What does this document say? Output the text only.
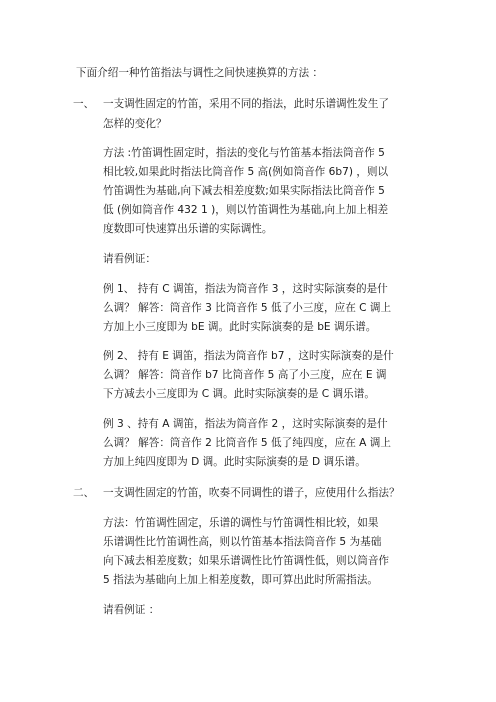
下面介绍一种竹笛指法与调性之间快速换算的方法 ：
一、 一支调性固定的竹笛，采用不同的指法，此时乐谱调性发生了
怎样的变化？
方法 :竹笛调性固定时，指法的变化与竹笛基本指法筒音作 5
相比较,如果此时指法比筒音作 5 高(例如筒音作 6b7) ，则以
竹笛调性为基础,向下减去相差度数;如果实际指法比筒音作 5
低 (例如筒音作 432 1 )，则以竹笛调性为基础,向上加上相差
度数即可快速算出乐谱的实际调性。
请看例证：
例 1、 持有 C 调笛，指法为筒音作 3 ，这时实际演奏的是什
么调？ 解答：筒音作 3 比筒音作 5 低了小三度，应在 C 调上
方加上小三度即为 bE 调。此时实际演奏的是 bE 调乐谱。
例 2、 持有 E 调笛，指法为筒音作 b7 ，这时实际演奏的是什
么调？ 解答：筒音作 b7 比筒音作 5 高了小三度，应在 E 调
下方减去小三度即为 C 调。此时实际演奏的是 C 调乐谱。
例 3 、持有 A 调笛，指法为筒音作 2 ，这时实际演奏的是什
么调？ 解答：筒音作 2 比筒音作 5 低了纯四度，应在 A 调上
方加上纯四度即为 D 调。此时实际演奏的是 D 调乐谱。
二、 一支调性固定的竹笛，吹奏不同调性的谱子，应使用什么指法？
方法：竹笛调性固定，乐谱的调性与竹笛调性相比较，如果
乐谱调性比竹笛调性高，则以竹笛基本指法筒音作 5 为基础
向下减去相差度数；如果乐谱调性比竹笛调性低，则以筒音作
5 指法为基础向上加上相差度数，即可算出此时所需指法。
请看例证 ：
